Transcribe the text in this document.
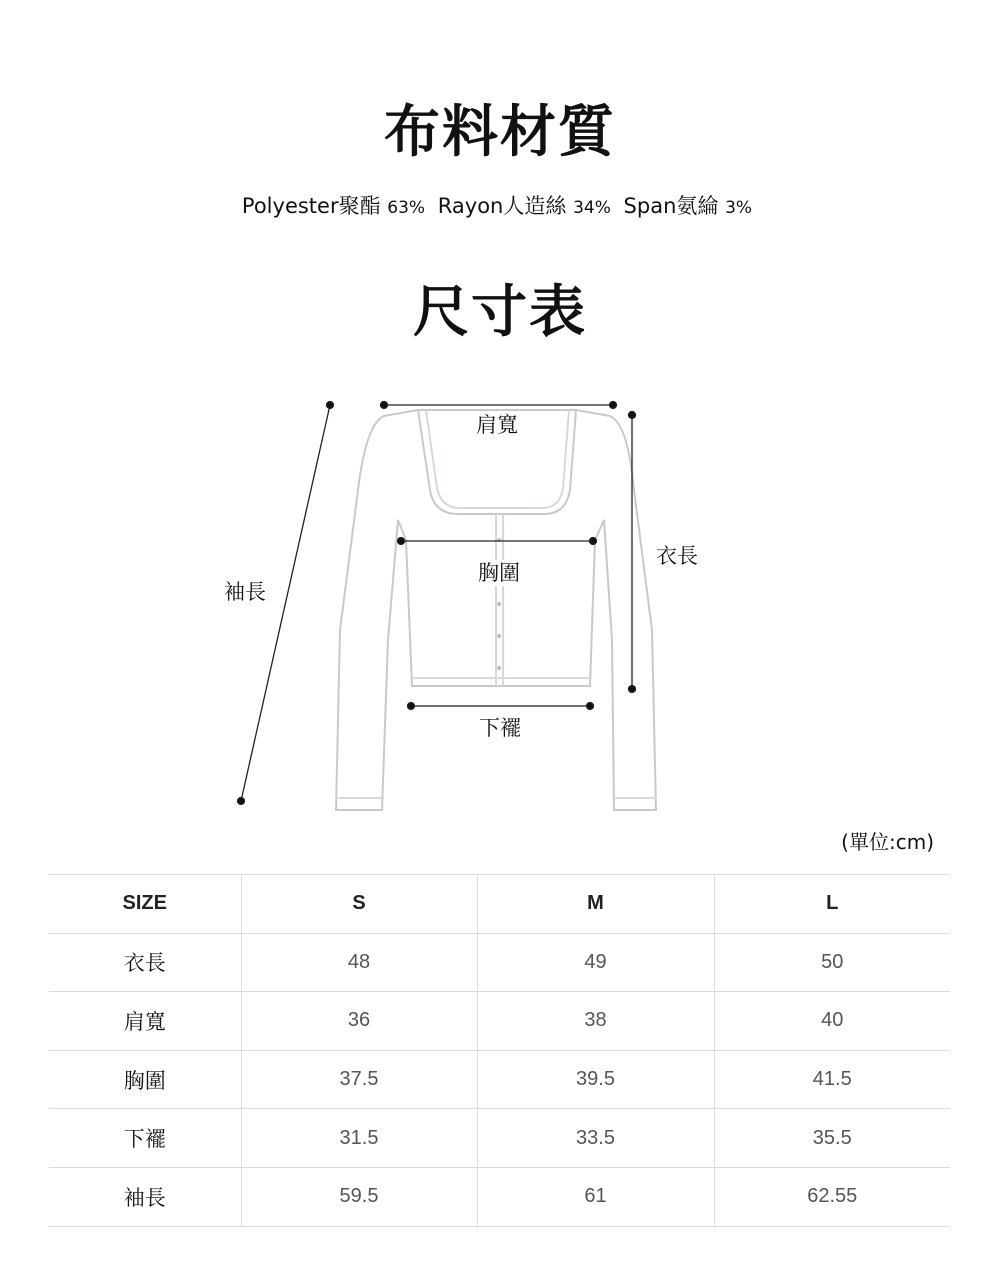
布料材質
Polyester聚酯 63% Rayon人造絲 34% Span氨綸 3%
尺寸表
肩寬
胸圍
衣長
袖長
下襬
(單位:cm)
SIZE	S	M	L
衣長	48	49	50
肩寬	36	38	40
胸圍	37.5	39.5	41.5
下襬	31.5	33.5	35.5
袖長	59.5	61	62.55
